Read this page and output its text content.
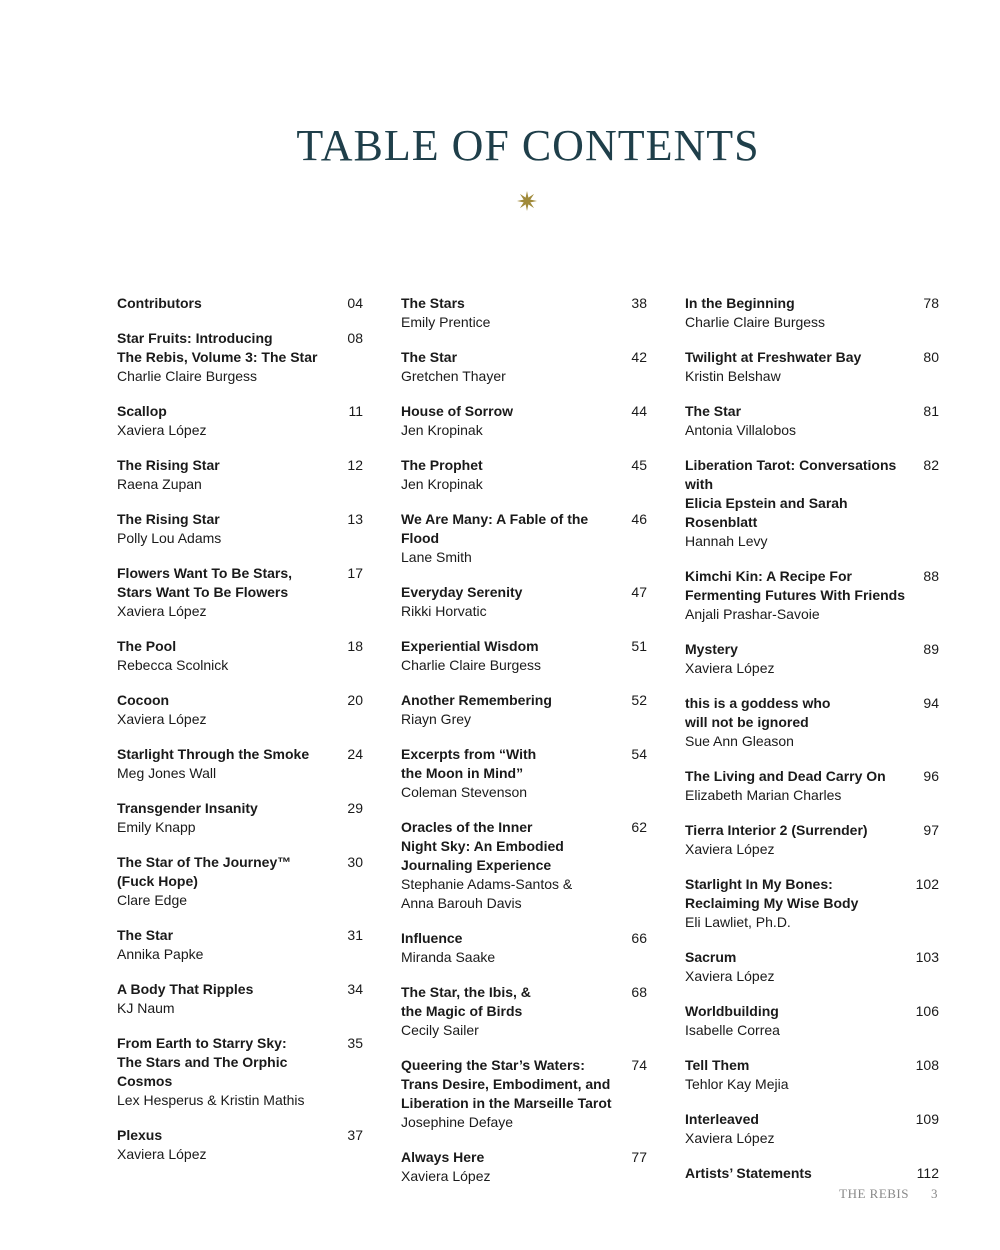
TABLE OF CONTENTS
Contributors	04
Star Fruits: Introducing
The Rebis, Volume 3: The Star
Charlie Claire Burgess
08
Scallop
Xaviera López
11
The Rising Star
Raena Zupan
12
The Rising Star
Polly Lou Adams
13
Flowers Want To Be Stars,
Stars Want To Be Flowers
Xaviera López
17
The Pool
Rebecca Scolnick
18
Cocoon
Xaviera López
20
Starlight Through the Smoke
Meg Jones Wall
24
Transgender Insanity
Emily Knapp
29
The Star of The Journey™
(Fuck Hope)
Clare Edge
30
The Star
Annika Papke
31
A Body That Ripples
KJ Naum
34
From Earth to Starry Sky:
The Stars and The Orphic Cosmos
Lex Hesperus & Kristin Mathis
35
Plexus
Xaviera López
37
The Stars
Emily Prentice
38
The Star
Gretchen Thayer
42
House of Sorrow
Jen Kropinak
44
The Prophet
Jen Kropinak
45
We Are Many: A Fable of the Flood
Lane Smith
46
Everyday Serenity
Rikki Horvatic
47
Experiential Wisdom
Charlie Claire Burgess
51
Another Remembering
Riayn Grey
52
Excerpts from “With
the Moon in Mind”
Coleman Stevenson
54
Oracles of the Inner
Night Sky: An Embodied
Journaling Experience
Stephanie Adams-Santos &
Anna Barouh Davis
62
Influence
Miranda Saake
66
The Star, the Ibis, &
the Magic of Birds
Cecily Sailer
68
Queering the Star’s Waters:
Trans Desire, Embodiment, and
Liberation in the Marseille Tarot
Josephine Defaye
74
Always Here
Xaviera López
77
In the Beginning
Charlie Claire Burgess
78
Twilight at Freshwater Bay
Kristin Belshaw
80
The Star
Antonia Villalobos
81
Liberation Tarot: Conversations with
Elicia Epstein and Sarah Rosenblatt
Hannah Levy
82
Kimchi Kin: A Recipe For
Fermenting Futures With Friends
Anjali Prashar-Savoie
88
Mystery
Xaviera López
89
this is a goddess who
will not be ignored
Sue Ann Gleason
94
The Living and Dead Carry On
Elizabeth Marian Charles
96
Tierra Interior 2 (Surrender)
Xaviera López
97
Starlight In My Bones:
Reclaiming My Wise Body
Eli Lawliet, Ph.D.
102
Sacrum
Xaviera López
103
Worldbuilding
Isabelle Correa
106
Tell Them
Tehlor Kay Mejia
108
Interleaved
Xaviera López
109
Artists’ Statements	112
THE REBIS 3
